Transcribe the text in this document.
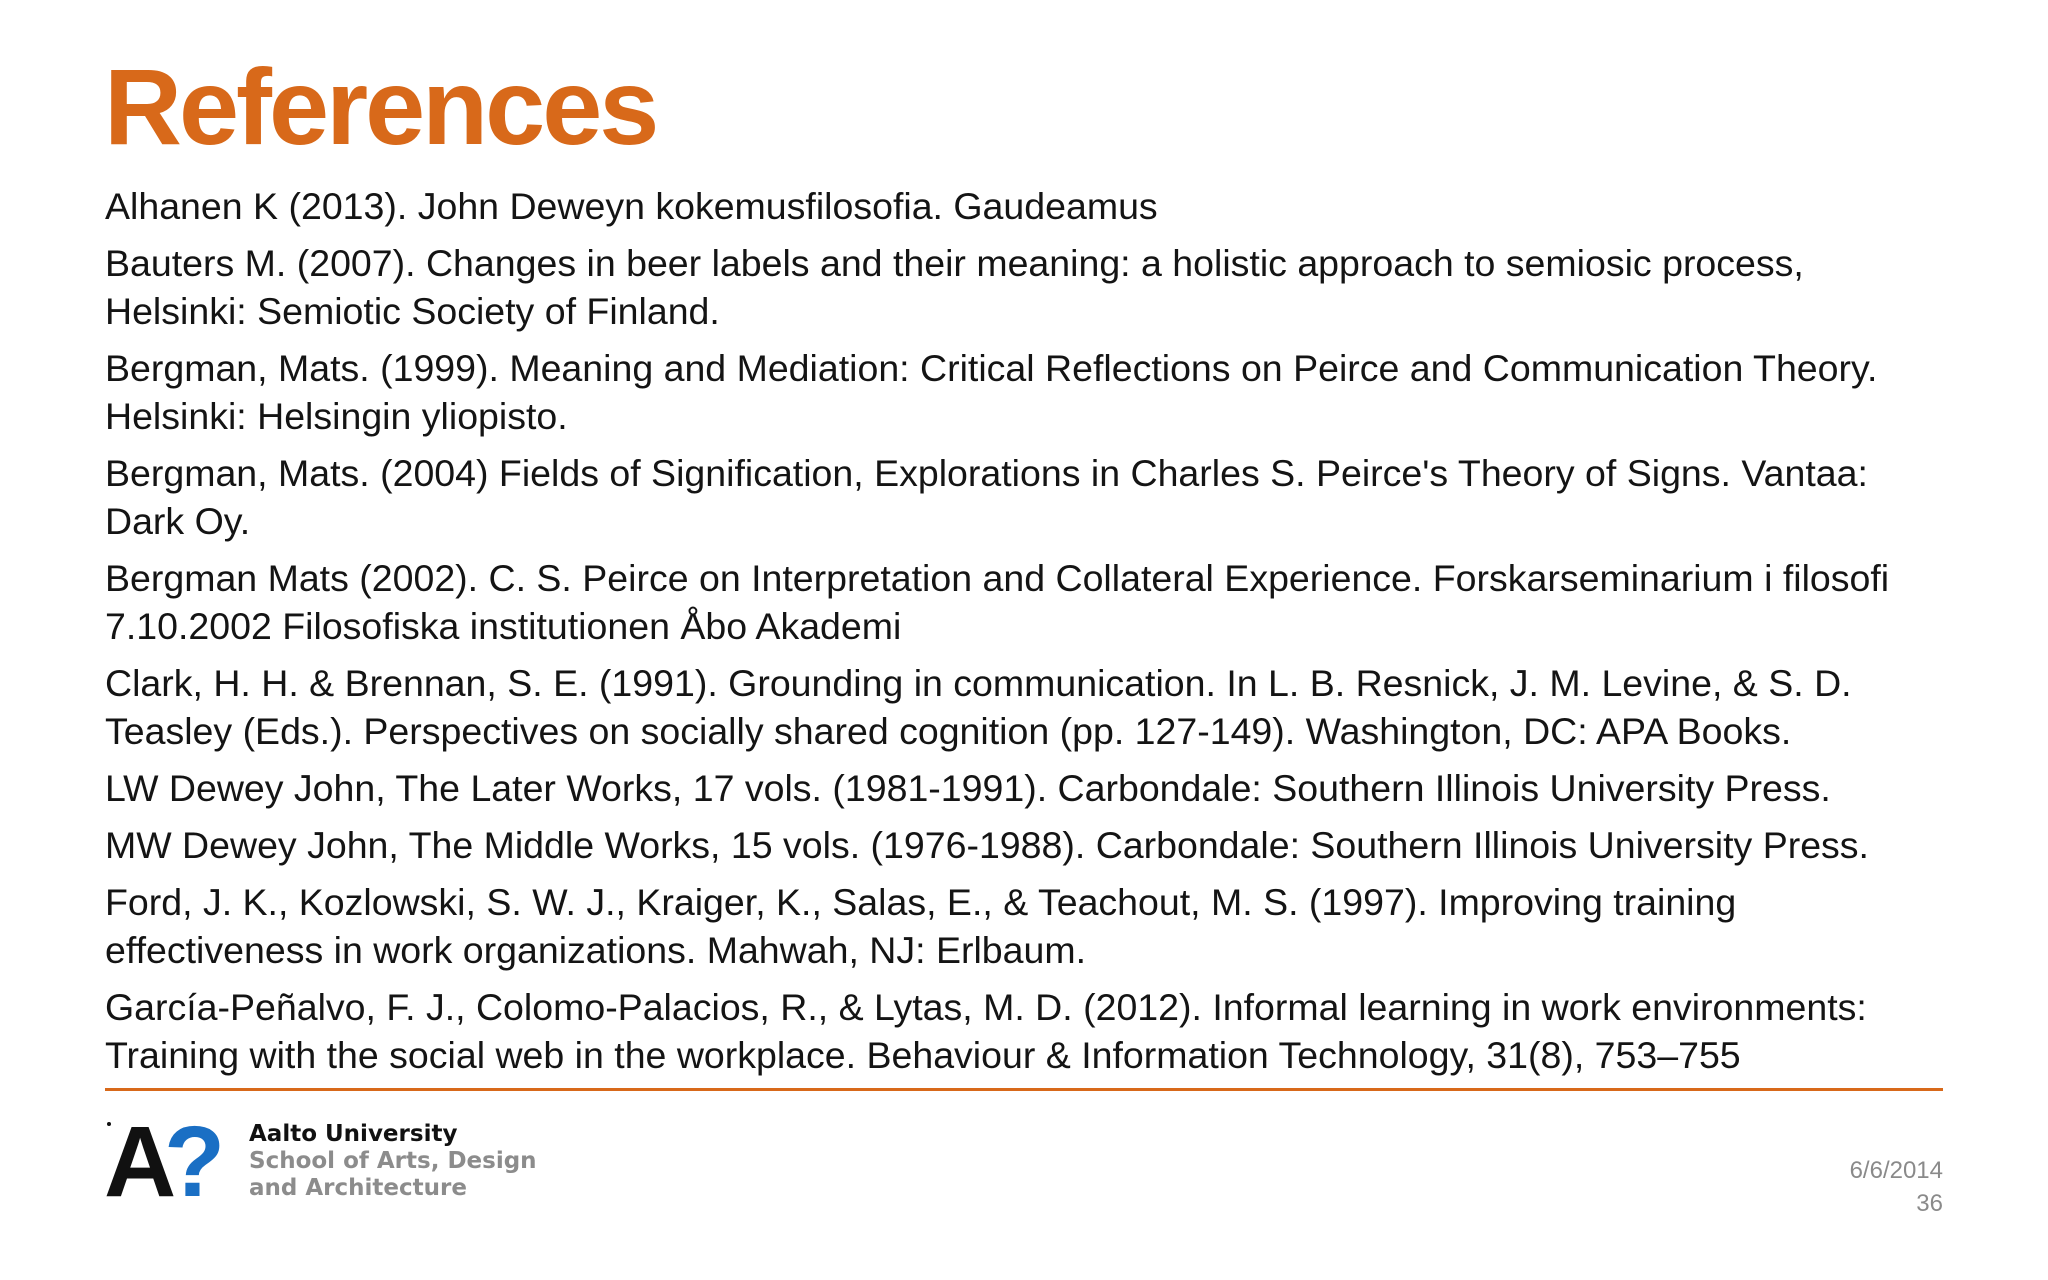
References
Alhanen K (2013). John Deweyn kokemusfilosofia. Gaudeamus
Bauters M. (2007). Changes in beer labels and their meaning: a holistic approach to semiosic process,
Helsinki: Semiotic Society of Finland.
Bergman, Mats. (1999). Meaning and Mediation: Critical Reflections on Peirce and Communication Theory.
Helsinki: Helsingin yliopisto.
Bergman, Mats. (2004) Fields of Signification, Explorations in Charles S. Peirce's Theory of Signs. Vantaa:
Dark Oy.
Bergman Mats (2002). C. S. Peirce on Interpretation and Collateral Experience. Forskarseminarium i filosofi
7.10.2002 Filosofiska institutionen Åbo Akademi
Clark, H. H. & Brennan, S. E. (1991). Grounding in communication. In L. B. Resnick, J. M. Levine, & S. D.
Teasley (Eds.). Perspectives on socially shared cognition (pp. 127-149). Washington, DC: APA Books.
LW Dewey John, The Later Works, 17 vols. (1981-1991). Carbondale: Southern Illinois University Press.
MW Dewey John, The Middle Works, 15 vols. (1976-1988). Carbondale: Southern Illinois University Press.
Ford, J. K., Kozlowski, S. W. J., Kraiger, K., Salas, E., & Teachout, M. S. (1997). Improving training
effectiveness in work organizations. Mahwah, NJ: Erlbaum.
García-Peñalvo, F. J., Colomo-Palacios, R., & Lytas, M. D. (2012). Informal learning in work environments:
Training with the social web in the workplace. Behaviour & Information Technology, 31(8), 753–755
A
? Aalto University
School of Arts, Design
and Architecture
6/6/2014
36
